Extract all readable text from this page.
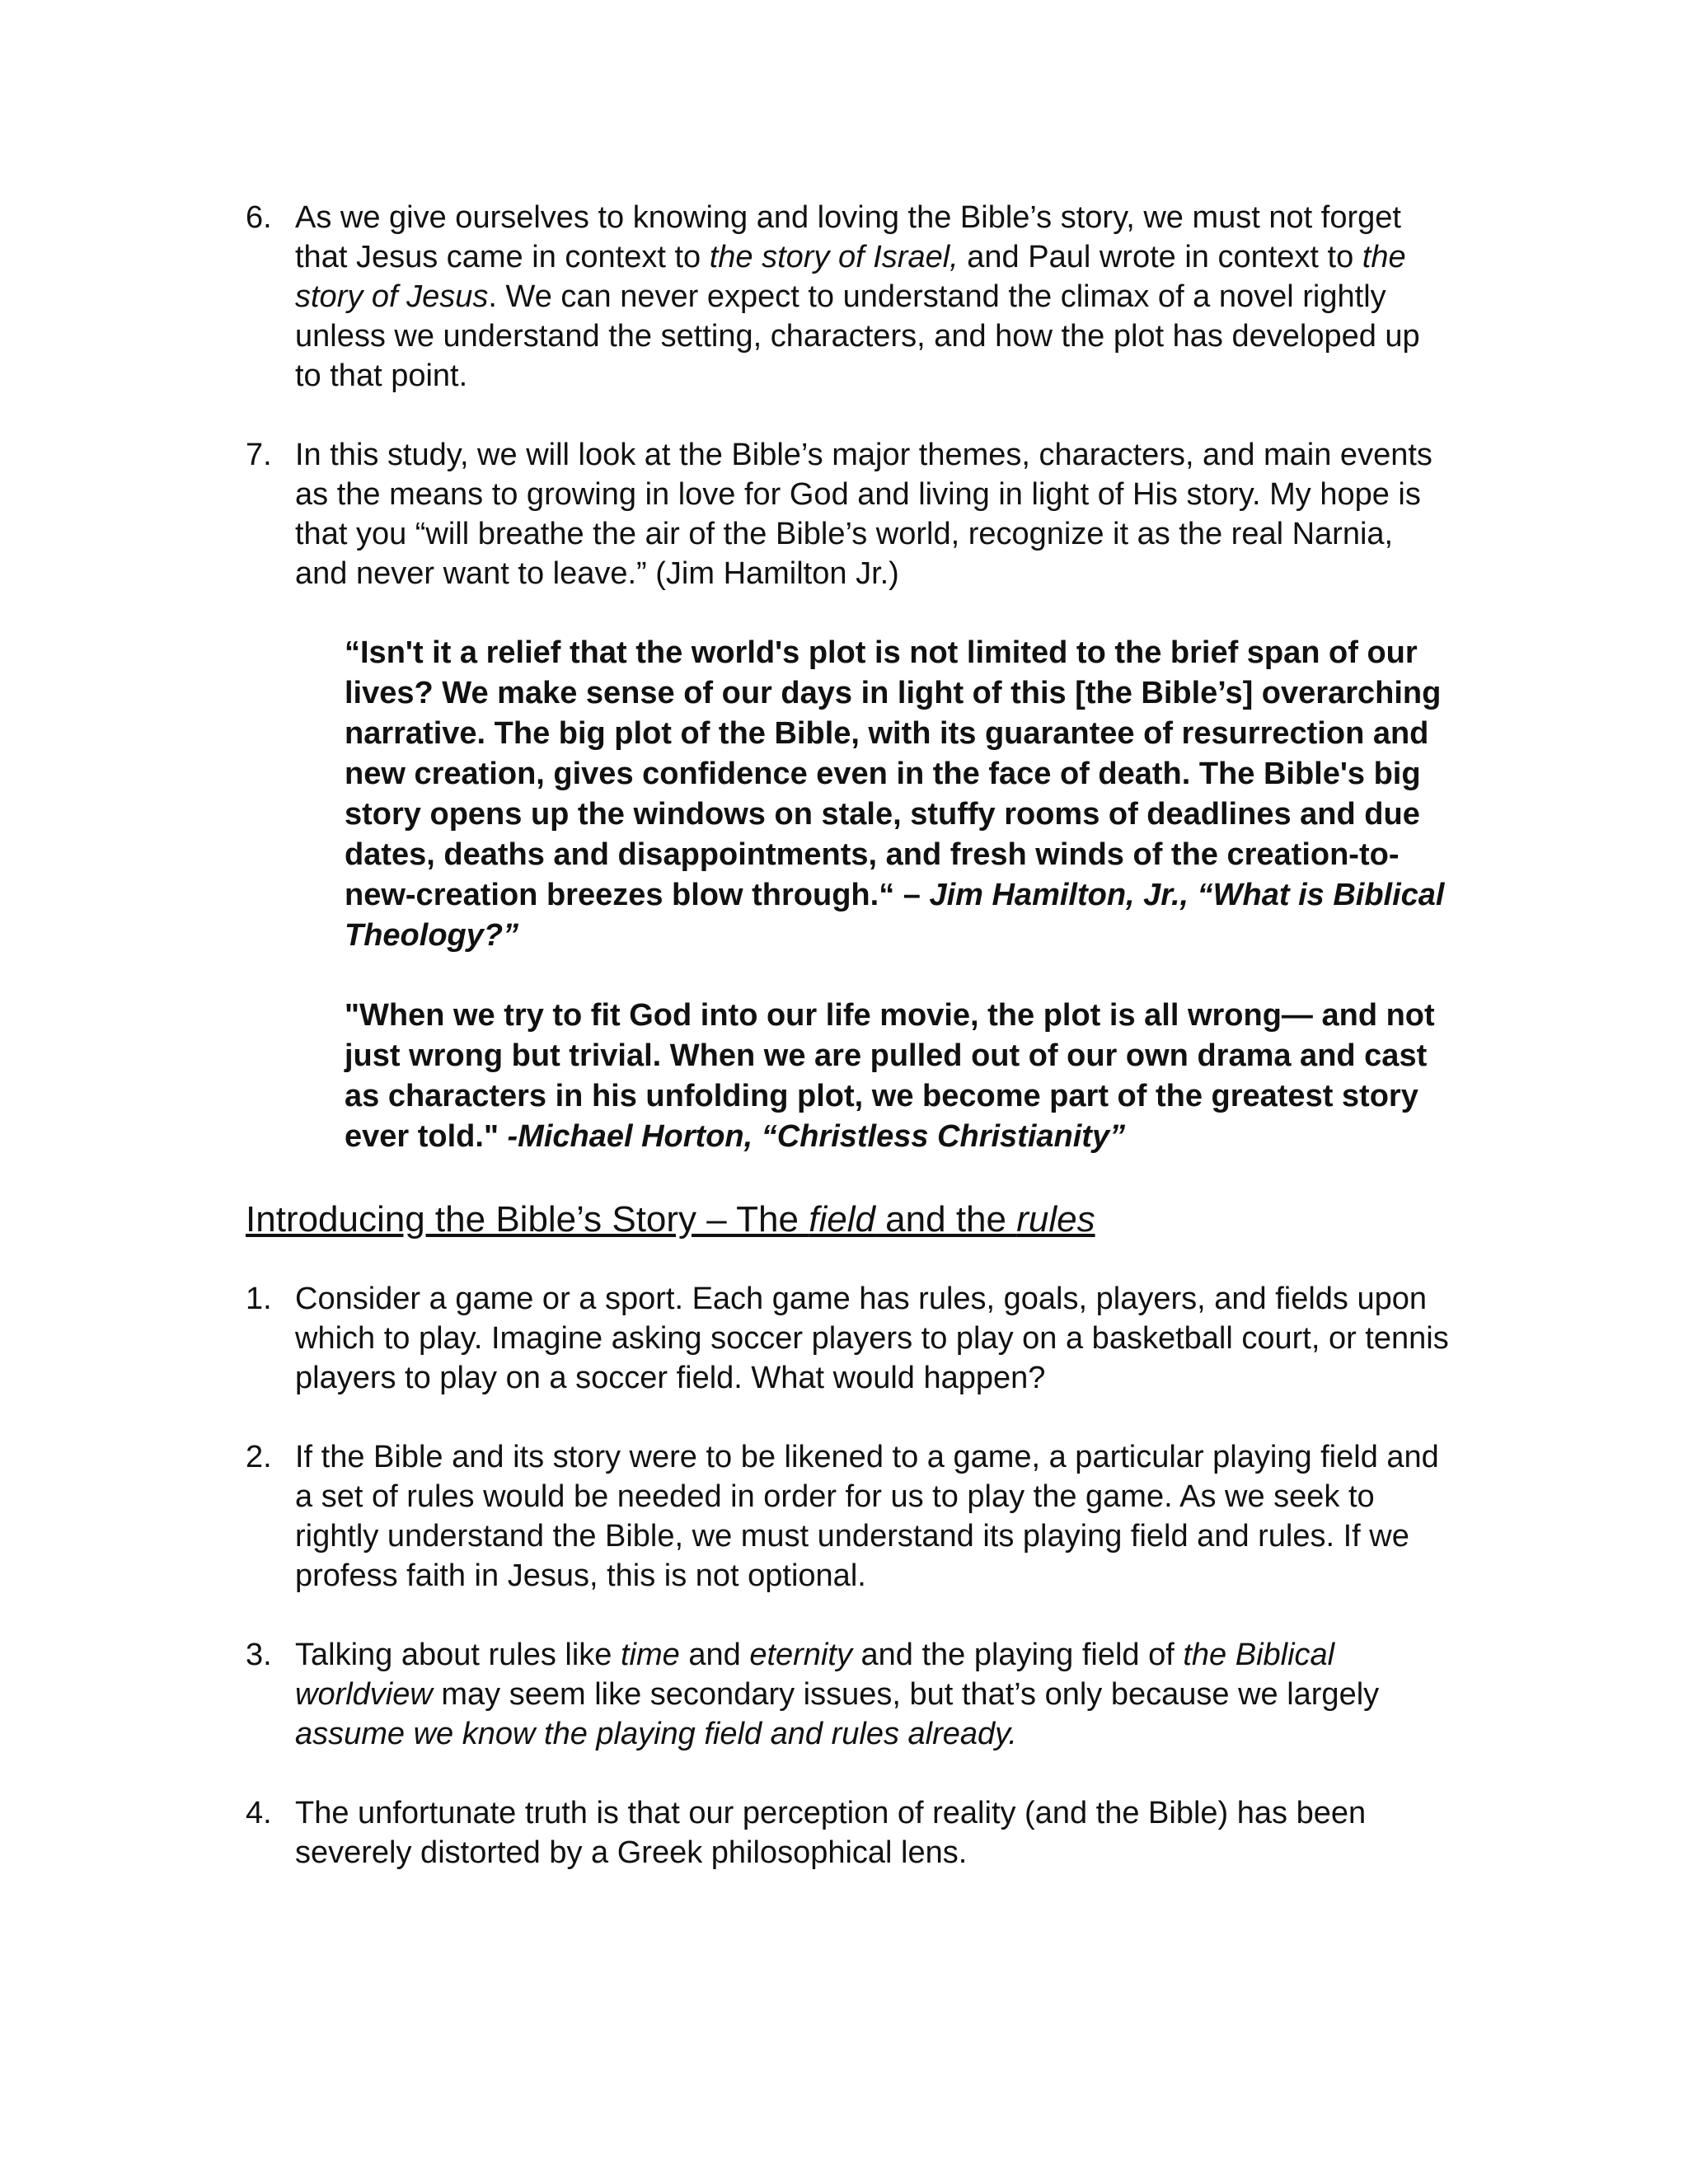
6. As we give ourselves to knowing and loving the Bible’s story, we must not forget that Jesus came in context to the story of Israel, and Paul wrote in context to the story of Jesus. We can never expect to understand the climax of a novel rightly unless we understand the setting, characters, and how the plot has developed up to that point.
7. In this study, we will look at the Bible’s major themes, characters, and main events as the means to growing in love for God and living in light of His story. My hope is that you “will breathe the air of the Bible’s world, recognize it as the real Narnia, and never want to leave.” (Jim Hamilton Jr.)
“Isn't it a relief that the world's plot is not limited to the brief span of our lives? We make sense of our days in light of this [the Bible’s] overarching narrative. The big plot of the Bible, with its guarantee of resurrection and new creation, gives confidence even in the face of death. The Bible's big story opens up the windows on stale, stuffy rooms of deadlines and due dates, deaths and disappointments, and fresh winds of the creation-to-new-creation breezes blow through.“ – Jim Hamilton, Jr., “What is Biblical Theology?”
"When we try to fit God into our life movie, the plot is all wrong— and not just wrong but trivial. When we are pulled out of our own drama and cast as characters in his unfolding plot, we become part of the greatest story ever told." -Michael Horton, “Christless Christianity”
Introducing the Bible’s Story – The field and the rules
1. Consider a game or a sport. Each game has rules, goals, players, and fields upon which to play. Imagine asking soccer players to play on a basketball court, or tennis players to play on a soccer field. What would happen?
2. If the Bible and its story were to be likened to a game, a particular playing field and a set of rules would be needed in order for us to play the game. As we seek to rightly understand the Bible, we must understand its playing field and rules. If we profess faith in Jesus, this is not optional.
3. Talking about rules like time and eternity and the playing field of the Biblical worldview may seem like secondary issues, but that’s only because we largely assume we know the playing field and rules already.
4. The unfortunate truth is that our perception of reality (and the Bible) has been severely distorted by a Greek philosophical lens.
